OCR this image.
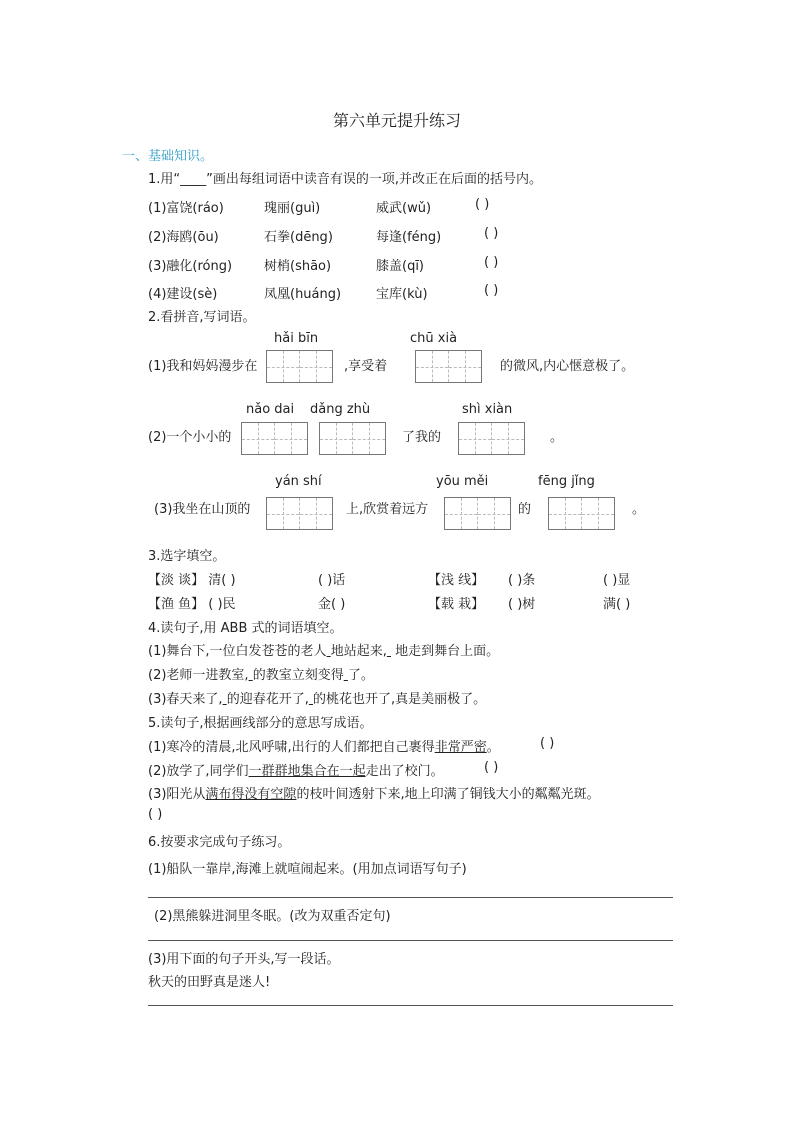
第六单元提升练习
一、基础知识。
1.用“____”画出每组词语中读音有误的一项,并改正在后面的括号内。
(1)富饶(ráo)	瑰丽(guì)	威武(wǔ)	( )
(2)海鸥(ōu)	石拳(dēng)	每逢(féng)	( )
(3)融化(róng) 树梢(shāo)	膝盖(qī)	( )
(4)建设(sè)	凤凰(huáng)	宝库(kù)	( )
2.看拼音,写词语。
hǎi bīn	chū xià
(1)我和妈妈漫步在	,享受着	的微风,内心惬意极了。
nǎo dai dǎng zhù	shì xiàn
(2)一个小小的	了我的	。
yán shí	yōu měi	fēng jǐng
(3)我坐在山顶的	上,欣赏着远方	的	。
3.选字填空。
【淡 谈】 清( )	( )话	【浅 线】 ( )条	( )显
【渔 鱼】 ( )民	金( )	【载 栽】 ( )树	满( )
4.读句子,用 ABB 式的词语填空。
(1)舞台下,一位白发苍苍的老人 地站起来, 地走到舞台上面。
(2)老师一进教室, 的教室立刻变得 了。
(3)春天来了, 的迎春花开了, 的桃花也开了,真是美丽极了。
5.读句子,根据画线部分的意思写成语。
(1)寒冷的清晨,北风呼啸,出行的人们都把自己裹得非常严密。	( )
(2)放学了,同学们一群群地集合在一起走出了校门。	( )
(3)阳光从满布得没有空隙的枝叶间透射下来,地上印满了铜钱大小的粼粼光斑。
( )
6.按要求完成句子练习。
(1)船队一靠岸,海滩上就喧闹起来。(用加点词语写句子)
(2)黑熊躲进洞里冬眠。(改为双重否定句)
(3)用下面的句子开头,写一段话。
秋天的田野真是迷人!
